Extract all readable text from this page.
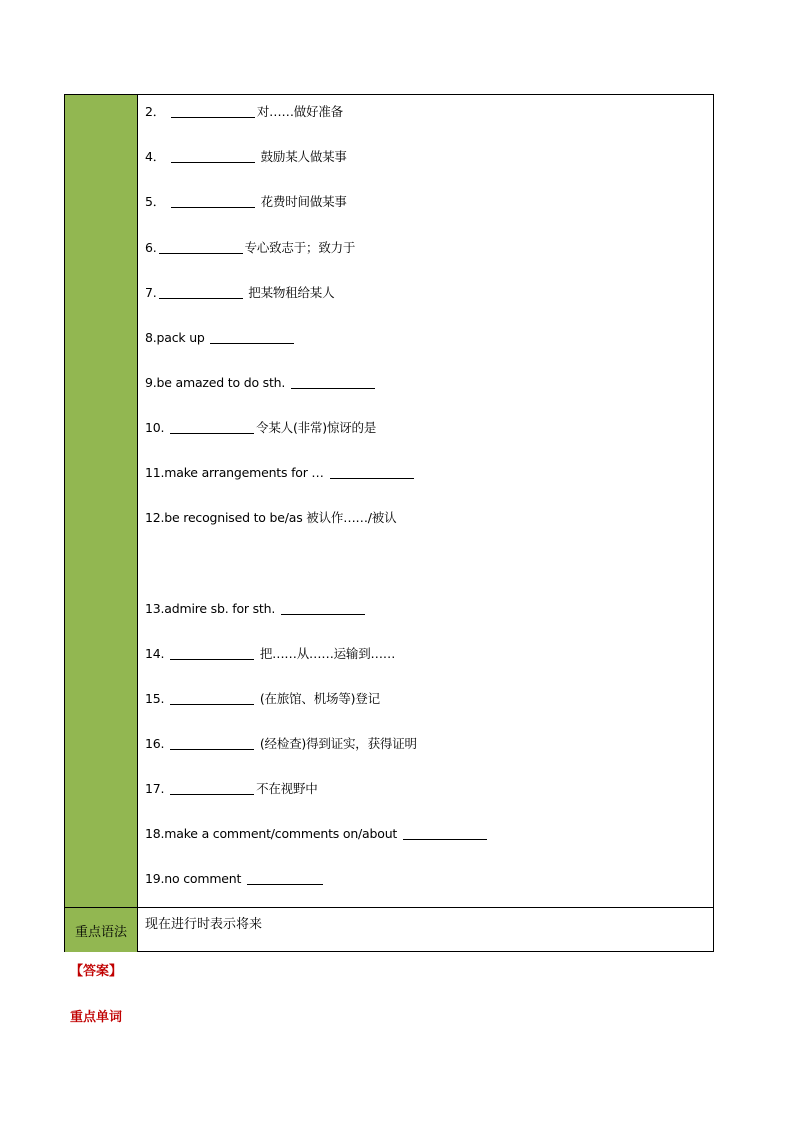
2．	对……做好准备
4．	鼓励某人做某事
5．	花费时间做某事
6.	专心致志于；致力于
7.	把某物租给某人
8.pack up
9.be amazed to do sth.
10.	令某人(非常)惊讶的是
11.make arrangements for …
12.be recognised to be/as 被认作……/被认
13.admire sb. for sth.
14.	把……从……运输到……
15.	(在旅馆、机场等)登记
16.	(经检查)得到证实，获得证明
17.	不在视野中
18.make a comment/comments on/about
19.no comment
重点语法	现在进行时表示将来
【答案】
重点单词
